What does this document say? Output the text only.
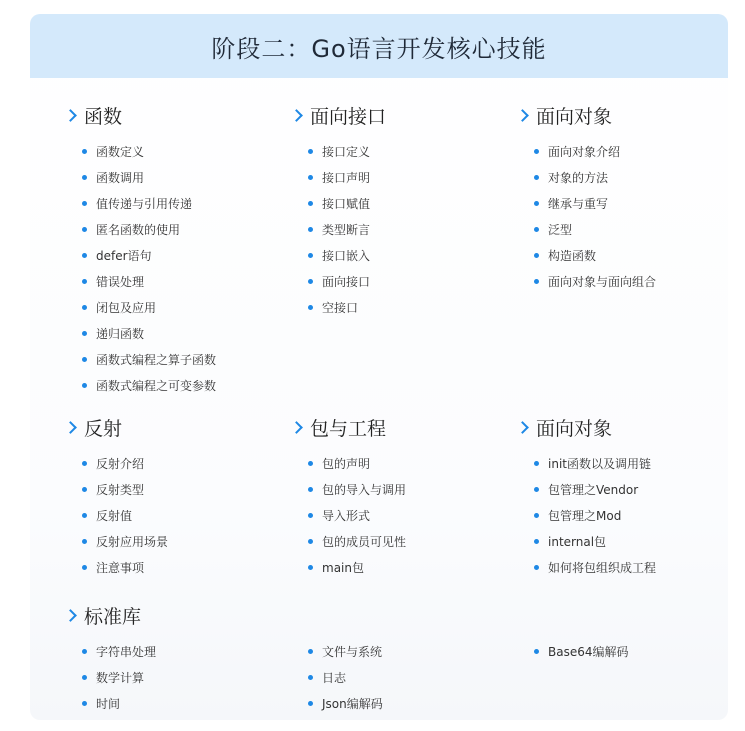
阶段二：Go语言开发核心技能
函数
函数定义
函数调用
值传递与引用传递
匿名函数的使用
defer语句
错误处理
闭包及应用
递归函数
函数式编程之算子函数
函数式编程之可变参数
面向接口
接口定义
接口声明
接口赋值
类型断言
接口嵌入
面向接口
空接口
面向对象
面向对象介绍
对象的方法
继承与重写
泛型
构造函数
面向对象与面向组合
反射
反射介绍
反射类型
反射值
反射应用场景
注意事项
包与工程
包的声明
包的导入与调用
导入形式
包的成员可见性
main包
面向对象
init函数以及调用链
包管理之Vendor
包管理之Mod
internal包
如何将包组织成工程
标准库
字符串处理
数学计算
时间
文件与系统
日志
Json编解码
Base64编解码
